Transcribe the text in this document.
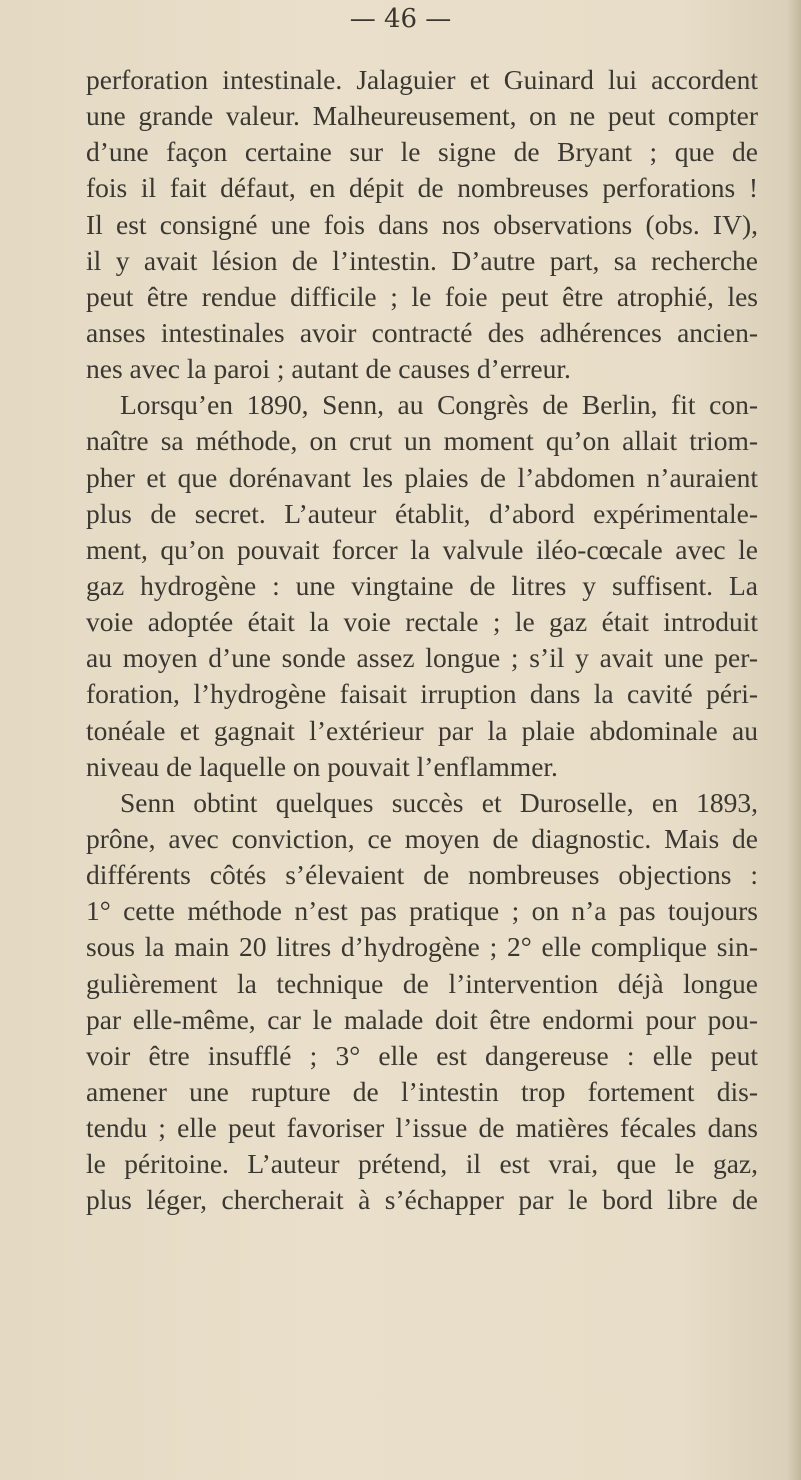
— 46 —
perforation intestinale. Jalaguier et Guinard lui accordent
une grande valeur. Malheureusement, on ne peut compter
d’une façon certaine sur le signe de Bryant ; que de
fois il fait défaut, en dépit de nombreuses perforations !
Il est consigné une fois dans nos observations (obs. IV),
il y avait lésion de l’intestin. D’autre part, sa recherche
peut être rendue difficile ; le foie peut être atrophié, les
anses intestinales avoir contracté des adhérences ancien-
nes avec la paroi ; autant de causes d’erreur.
Lorsqu’en 1890, Senn, au Congrès de Berlin, fit con-
naître sa méthode, on crut un moment qu’on allait triom-
pher et que dorénavant les plaies de l’abdomen n’auraient
plus de secret. L’auteur établit, d’abord expérimentale-
ment, qu’on pouvait forcer la valvule iléo-cœcale avec le
gaz hydrogène : une vingtaine de litres y suffisent. La
voie adoptée était la voie rectale ; le gaz était introduit
au moyen d’une sonde assez longue ; s’il y avait une per-
foration, l’hydrogène faisait irruption dans la cavité péri-
tonéale et gagnait l’extérieur par la plaie abdominale au
niveau de laquelle on pouvait l’enflammer.
Senn obtint quelques succès et Duroselle, en 1893,
prône, avec conviction, ce moyen de diagnostic. Mais de
différents côtés s’élevaient de nombreuses objections :
1° cette méthode n’est pas pratique ; on n’a pas toujours
sous la main 20 litres d’hydrogène ; 2° elle complique sin-
gulièrement la technique de l’intervention déjà longue
par elle-même, car le malade doit être endormi pour pou-
voir être insufflé ; 3° elle est dangereuse : elle peut
amener une rupture de l’intestin trop fortement dis-
tendu ; elle peut favoriser l’issue de matières fécales dans
le péritoine. L’auteur prétend, il est vrai, que le gaz,
plus léger, chercherait à s’échapper par le bord libre de
